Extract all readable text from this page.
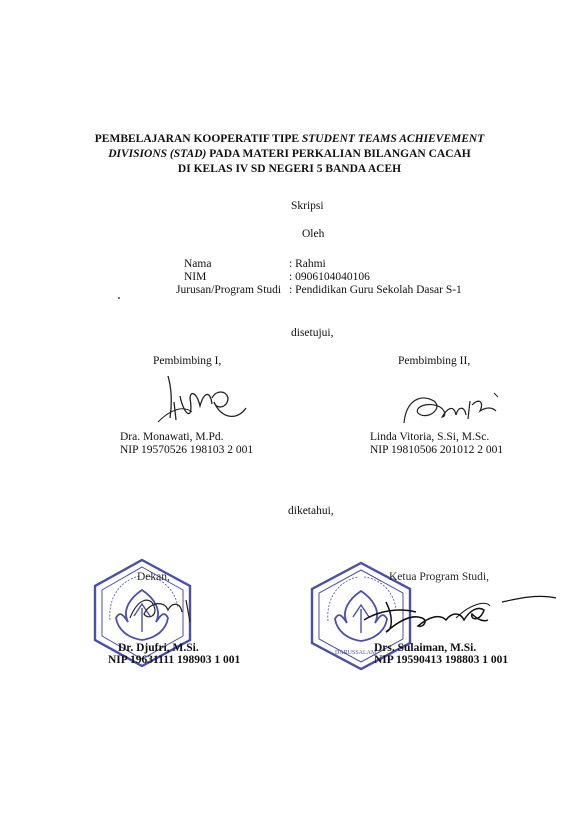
PEMBELAJARAN KOOPERATIF TIPE STUDENT TEAMS ACHIEVEMENT
DIVISIONS (STAD) PADA MATERI PERKALIAN BILANGAN CACAH
DI KELAS IV SD NEGERI 5 BANDA ACEH
Skripsi
Oleh
Nama	: Rahmi
NIM	: 0906104040106
Jurusan/Program Studi : Pendidikan Guru Sekolah Dasar S-1
disetujui,
Pembimbing I,
Dra. Monawati, M.Pd.
NIP 19570526 198103 2 001
Pembimbing II,
Linda Vitoria, S.Si, M.Sc.
NIP 19810506 201012 2 001
diketahui,
Dekan,
Dr. Djufri, M.Si.
NIP 19631111 198903 1 001
DARUSSALAM
Ketua Program Studi,
Drs. Sulaiman, M.Si.
NIP 19590413 198803 1 001
